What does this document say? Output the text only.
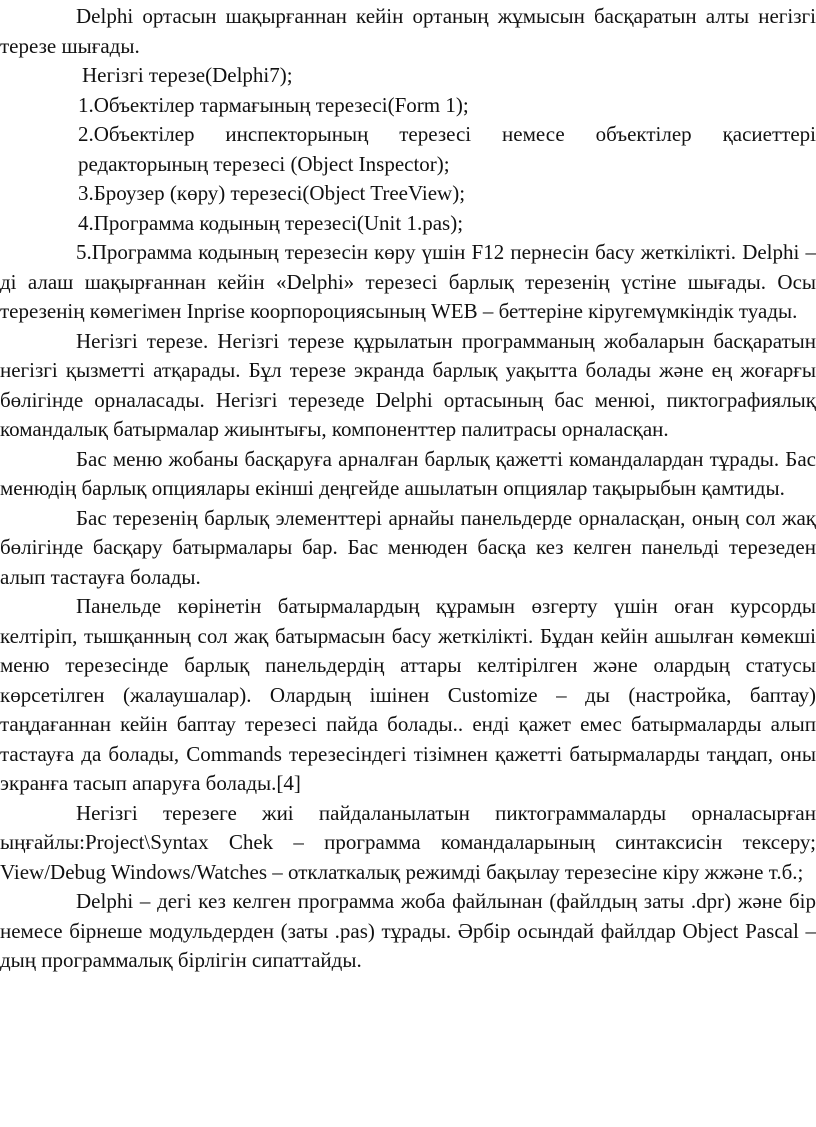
Delphi ортасын шақырғаннан кейін ортаның жұмысын басқаратын алты негізгі терезе шығады.

Негізгі терезе(Delphi7);

1.Объектілер тармағының терезесі(Form 1);

2.Объектілер инспекторының терезесі немесе объектілер қасиеттері редакторының терезесі (Object Inspector);

3.Броузер (көру) терезесі(Object TreeView);

4.Программа кодының терезесі(Unit 1.pas);

5.Программа кодының терезесін көру үшін F12 пернесін басу жеткілікті. Delphi – ді алаш шақырғаннан кейін «Delphi» терезесі барлық терезенің үстіне шығады. Осы терезенің көмегімен Inprise коорпороциясының WEB – беттеріне кіругемүмкіндік туады.

Негізгі терезе. Негізгі терезе құрылатын программаның жобаларын басқаратын негізгі қызметті атқарады. Бұл терезе экранда барлық уақытта болады және ең жоғарғы бөлігінде орналасады. Негізгі терезеде Delphi ортасының бас менюі, пиктографиялық командалық батырмалар жиынтығы, компоненттер палитрасы орналасқан.

Бас меню жобаны басқаруға арналған барлық қажетті командалардан тұрады. Бас менюдің барлық опциялары екінші деңгейде ашылатын опциялар тақырыбын қамтиды.

Бас терезенің барлық элементтері арнайы панельдерде орналасқан, оның сол жақ бөлігінде басқару батырмалары бар. Бас менюден басқа кез келген панельді терезеден алып тастауға болады.

Панельде көрінетін батырмалардың құрамын өзгерту үшін оған курсорды келтіріп, тышқанның сол жақ батырмасын басу жеткілікті. Бұдан кейін ашылған көмекші меню терезесінде барлық панельдердің аттары келтірілген және олардың статусы көрсетілген (жалаушалар). Олардың ішінен Customize – ды (настройка, баптау) таңдағаннан кейін баптау терезесі пайда болады.. енді қажет емес батырмаларды алып тастауға да болады, Commands терезесіндегі тізімнен қажетті батырмаларды таңдап, оны экранға тасып апаруға болады.[4]

Негізгі терезеге жиі пайдаланылатын пиктограммаларды орналасырған ыңғайлы:Project\Syntax Chek – программа командаларының синтаксисін тексеру; View/Debug Windows/Watches – отклаткалық режимді бақылау терезесіне кіру жжәне т.б.;

Delphi – дегі кез келген программа жоба файлынан (файлдың заты .dpr) және бір немесе бірнеше модульдерден (заты .pas) тұрады. Әрбір осындай файлдар Object Pascal – дың программалық бірлігін сипаттайды.
